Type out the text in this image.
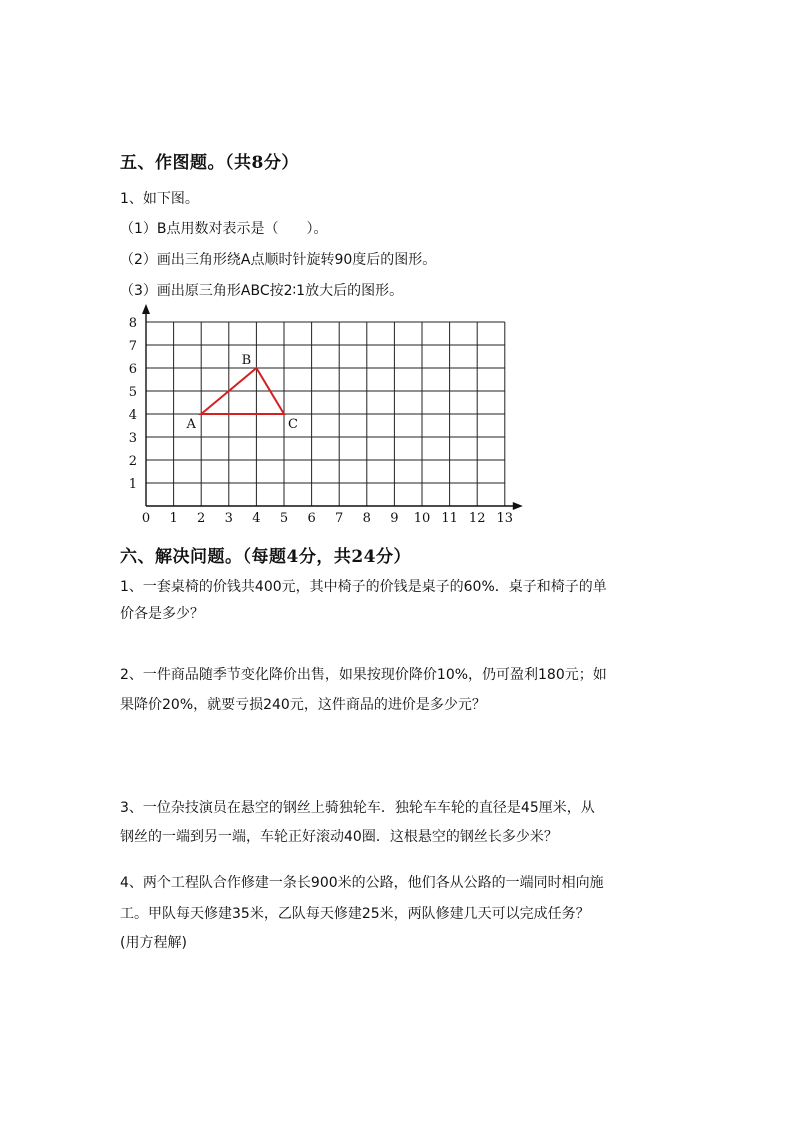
五、作图题。（共8分）
1、如下图。
（1）B点用数对表示是（　　）。
（2）画出三角形绕A点顺时针旋转90度后的图形。
（3）画出原三角形ABC按2∶1放大后的图形。
0 1 2 3 4 5 6 7 8 9 10 11 12 13
1
2
3
4
5
6
7
8
A
B
C
六、解决问题。（每题4分，共24分）
1、一套桌椅的价钱共400元，其中椅子的价钱是桌子的60%．桌子和椅子的单
价各是多少？
2、一件商品随季节变化降价出售，如果按现价降价10%，仍可盈利180元；如
果降价20%，就要亏损240元，这件商品的进价是多少元？
3、一位杂技演员在悬空的钢丝上骑独轮车．独轮车车轮的直径是45厘米，从
钢丝的一端到另一端，车轮正好滚动40圈．这根悬空的钢丝长多少米？
4、两个工程队合作修建一条长900米的公路，他们各从公路的一端同时相向施
工。甲队每天修建35米，乙队每天修建25米，两队修建几天可以完成任务？
(用方程解)
